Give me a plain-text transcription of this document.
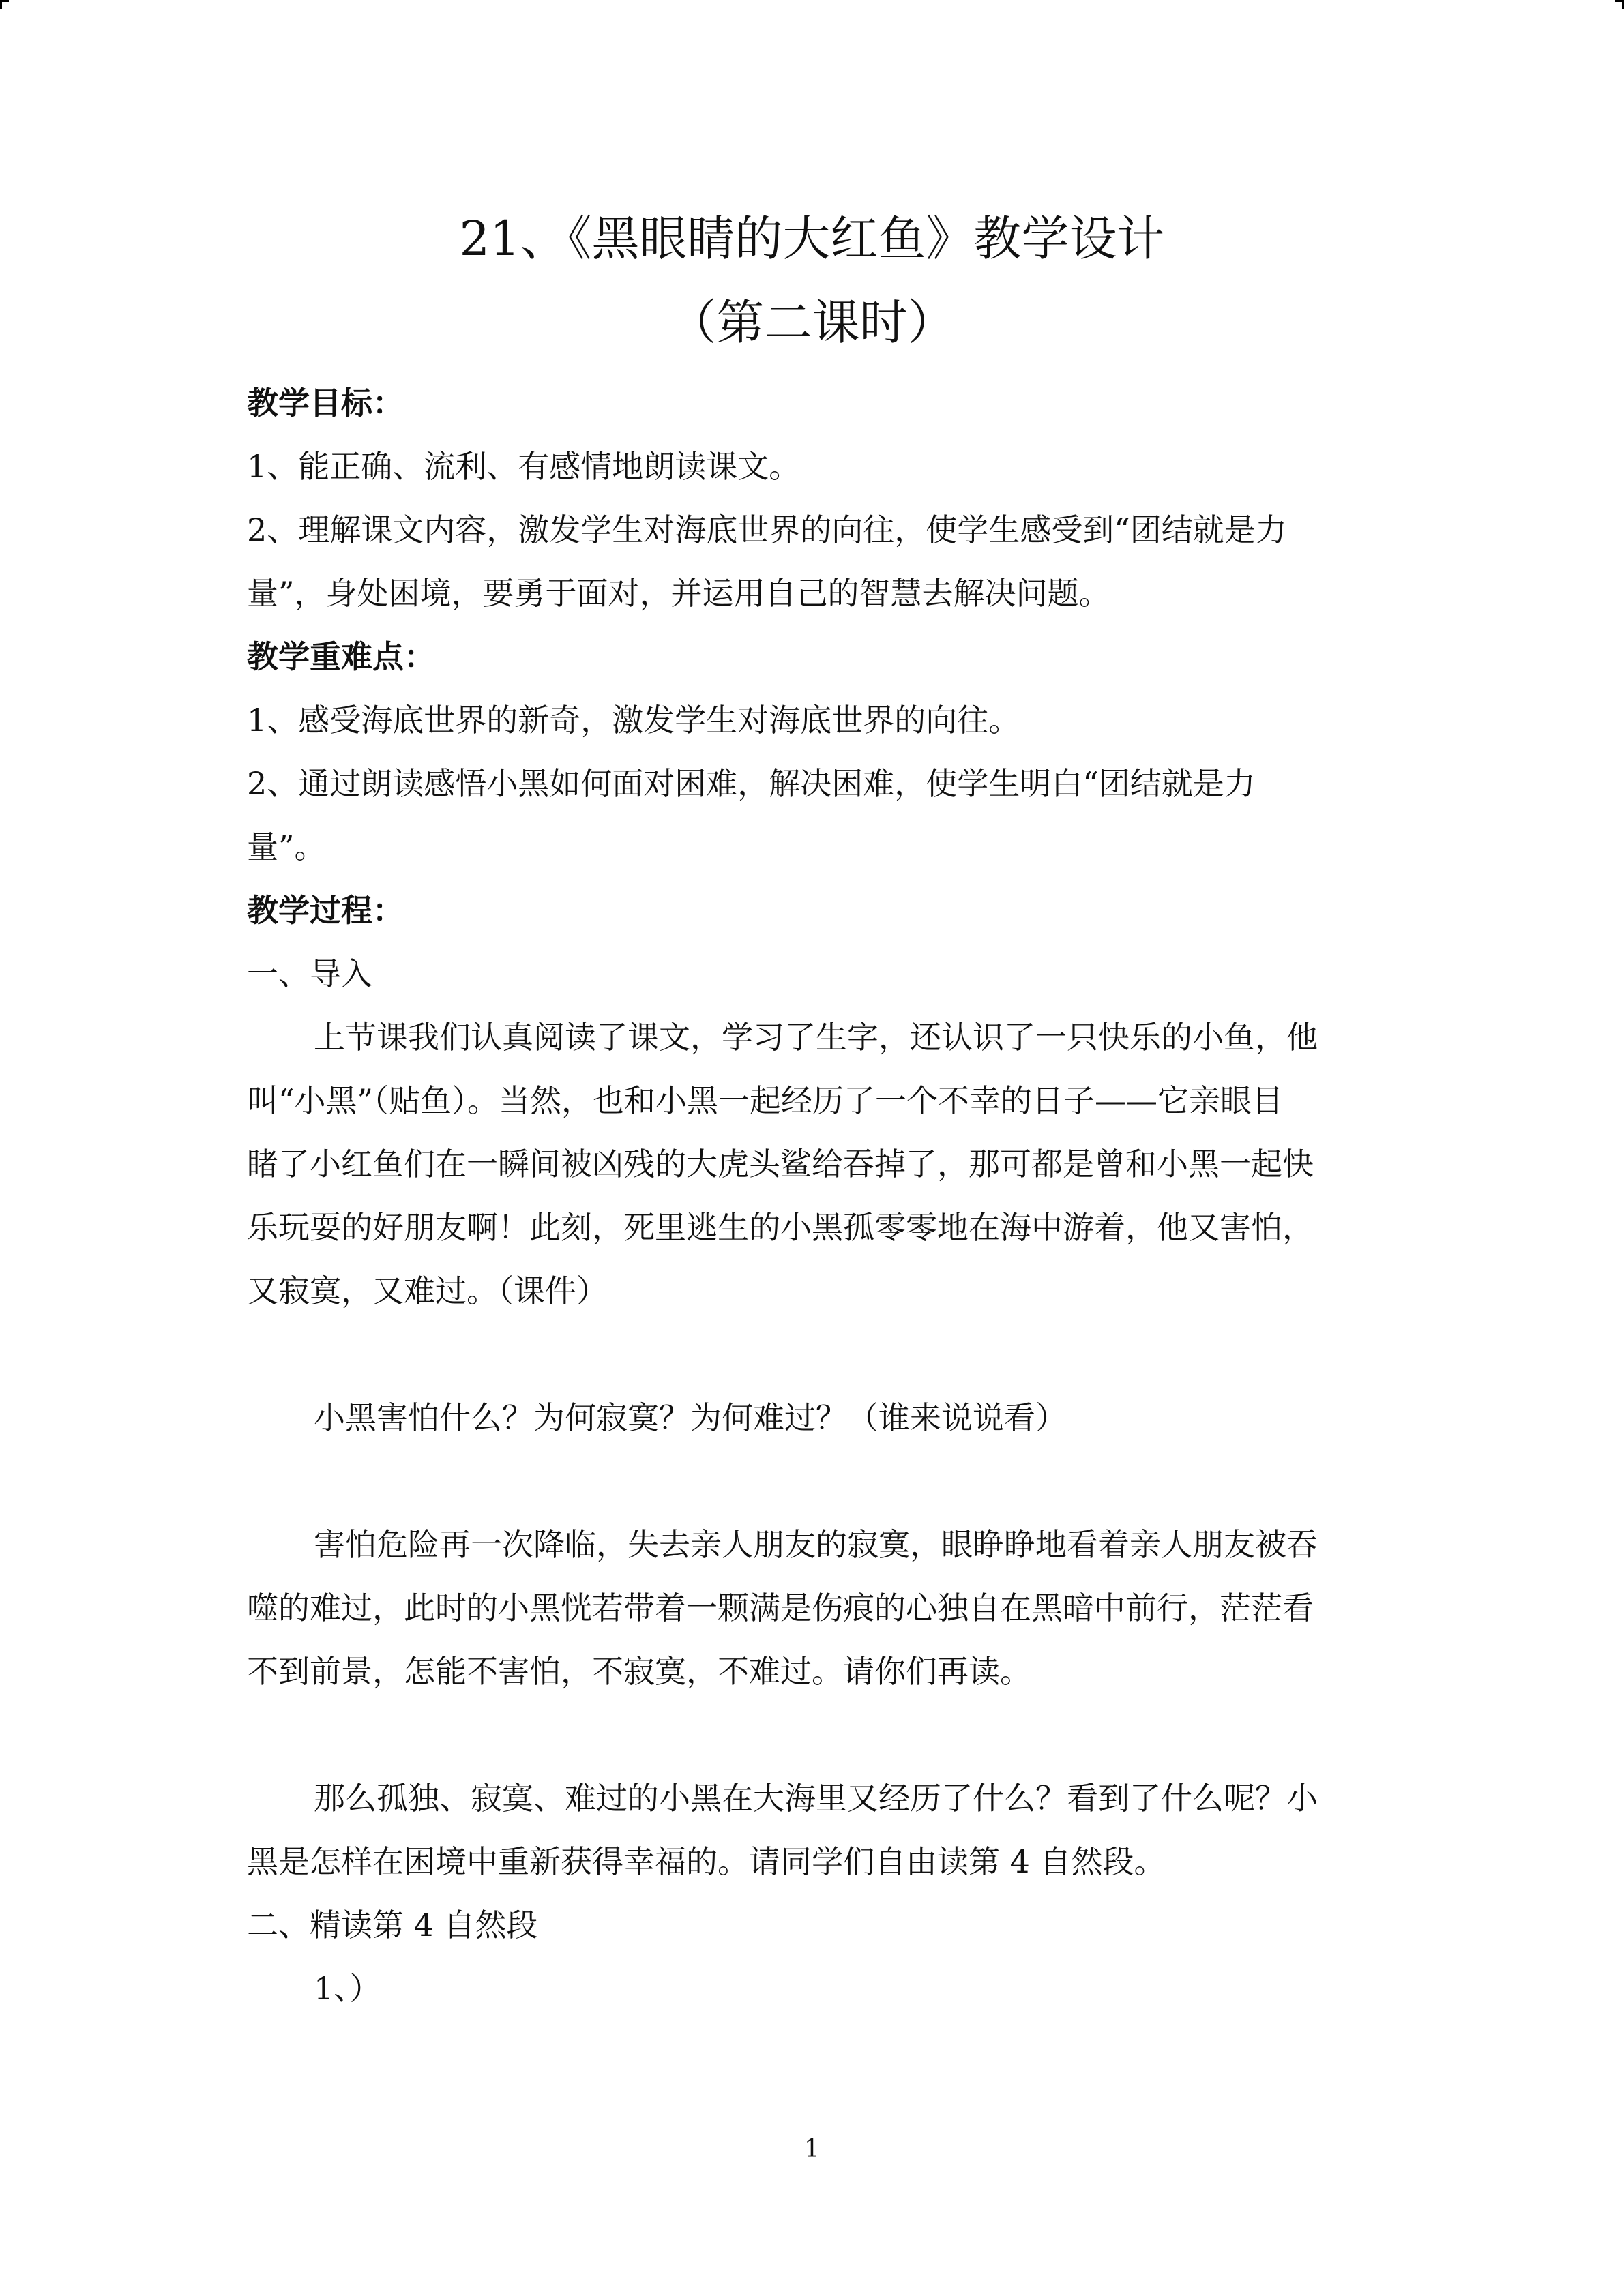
21、《黑眼睛的大红鱼》教学设计
（第二课时）
教学目标：
1、能正确、流利、有感情地朗读课文。
2、理解课文内容，激发学生对海底世界的向往，使学生感受到“团结就是力
量”，身处困境，要勇于面对，并运用自己的智慧去解决问题。
教学重难点：
1、感受海底世界的新奇，激发学生对海底世界的向往。
2、通过朗读感悟小黑如何面对困难，解决困难，使学生明白“团结就是力
量”。
教学过程：
一、导入
上节课我们认真阅读了课文，学习了生字，还认识了一只快乐的小鱼，他
叫“小黑”（贴鱼）。当然，也和小黑一起经历了一个不幸的日子——它亲眼目
睹了小红鱼们在一瞬间被凶残的大虎头鲨给吞掉了，那可都是曾和小黑一起快
乐玩耍的好朋友啊！此刻，死里逃生的小黑孤零零地在海中游着，他又害怕，
又寂寞，又难过。（课件）
小黑害怕什么？为何寂寞？为何难过？（谁来说说看）
害怕危险再一次降临，失去亲人朋友的寂寞，眼睁睁地看着亲人朋友被吞
噬的难过，此时的小黑恍若带着一颗满是伤痕的心独自在黑暗中前行，茫茫看
不到前景，怎能不害怕，不寂寞，不难过。请你们再读。
那么孤独、寂寞、难过的小黑在大海里又经历了什么？看到了什么呢？小
黑是怎样在困境中重新获得幸福的。请同学们自由读第 4 自然段。
二、精读第 4 自然段
1、）
1
